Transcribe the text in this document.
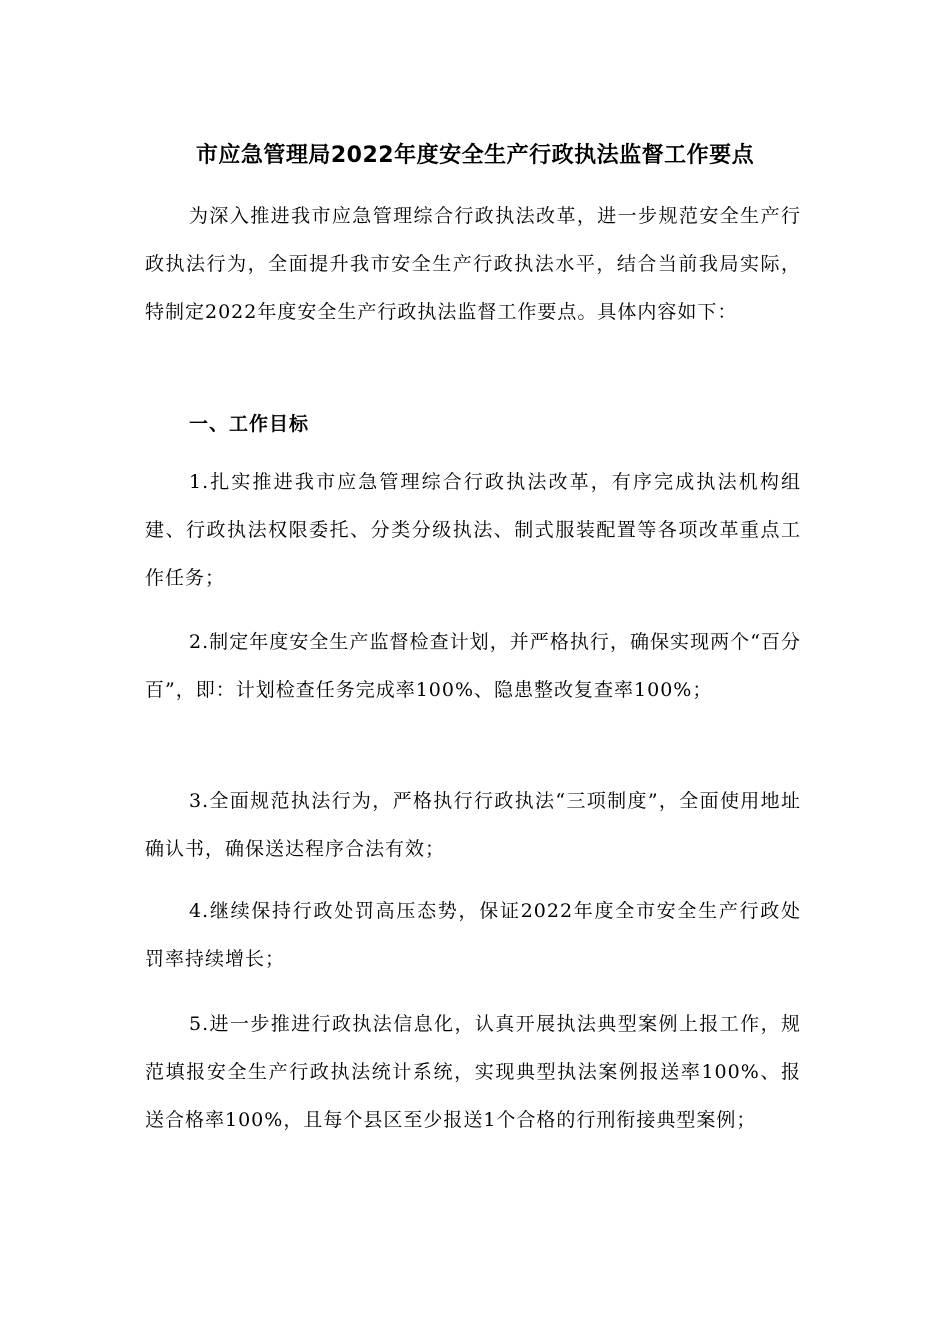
市应急管理局2022年度安全生产行政执法监督工作要点

为深入推进我市应急管理综合行政执法改革，进一步规范安全生产行政执法行为，全面提升我市安全生产行政执法水平，结合当前我局实际，特制定2022年度安全生产行政执法监督工作要点。具体内容如下：

一、工作目标

1.扎实推进我市应急管理综合行政执法改革，有序完成执法机构组建、行政执法权限委托、分类分级执法、制式服装配置等各项改革重点工作任务；

2.制定年度安全生产监督检查计划，并严格执行，确保实现两个“百分百”，即：计划检查任务完成率100%、隐患整改复查率100%；

3.全面规范执法行为，严格执行行政执法“三项制度”，全面使用地址确认书，确保送达程序合法有效；

4.继续保持行政处罚高压态势，保证2022年度全市安全生产行政处罚率持续增长；

5.进一步推进行政执法信息化，认真开展执法典型案例上报工作，规范填报安全生产行政执法统计系统，实现典型执法案例报送率100%、报送合格率100%，且每个县区至少报送1个合格的行刑衔接典型案例；
